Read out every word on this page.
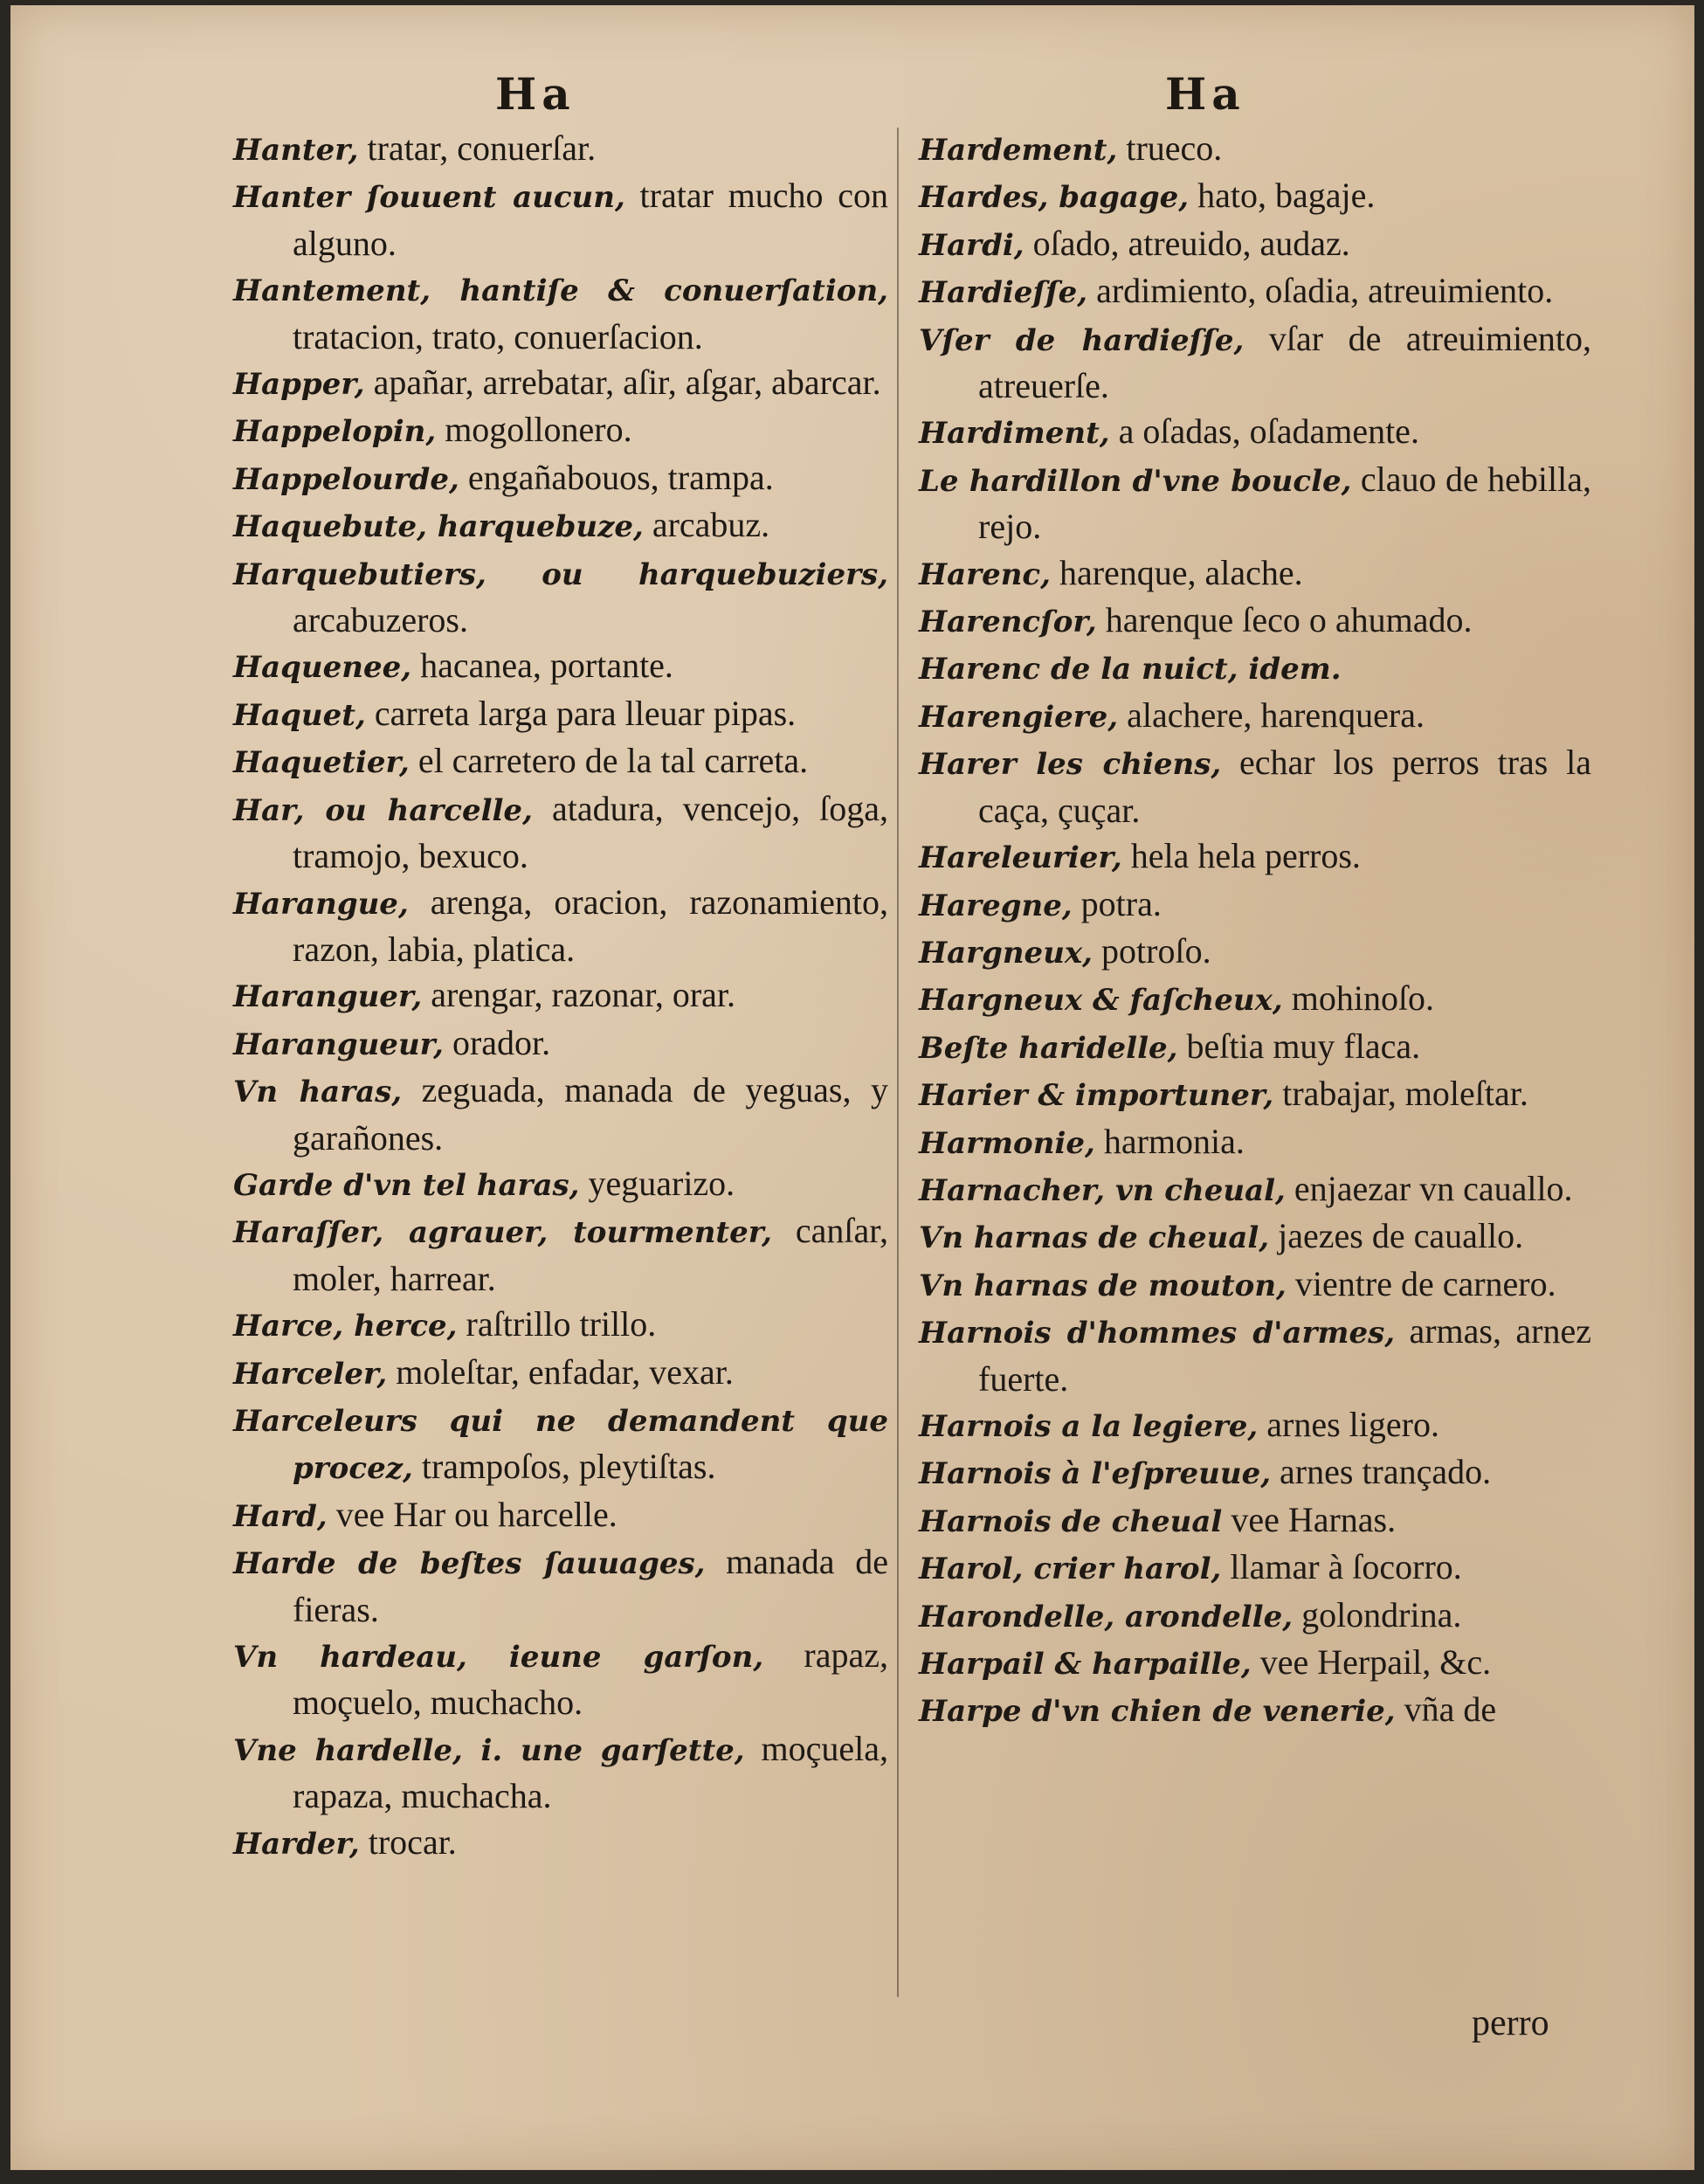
Ha	Ha

Hanter, tratar, conuerſar.

Hanter ſouuent aucun, tratar mucho con alguno.

Hantement, hantiſe & conuerſation, tratacion, trato, conuerſacion.

Happer, apañar, arrebatar, aſir, aſgar, abarcar.

Happelopin, mogollonero.

Happelourde, engañabouos, trampa.

Haquebute, harquebuze, arcabuz.

Harquebutiers, ou harquebuziers, arcabuzeros.

Haquenee, hacanea, portante.

Haquet, carreta larga para lleuar pipas.

Haquetier, el carretero de la tal carreta.

Har, ou harcelle, atadura, vencejo, ſoga, tramojo, bexuco.

Harangue, arenga, oracion, razonamiento, razon, labia, platica.

Haranguer, arengar, razonar, orar.

Harangueur, orador.

Vn haras, zeguada, manada de yeguas, y garañones.

Garde d'vn tel haras, yeguarizo.

Haraſſer, agrauer, tourmenter, canſar, moler, harrear.

Harce, herce, raſtrillo trillo.

Harceler, moleſtar, enfadar, vexar.

Harceleurs qui ne demandent que procez, trampoſos, pleytiſtas.

Hard, vee Har ou harcelle.

Harde de beſtes ſauuages, manada de fieras.

Vn hardeau, ieune garſon, rapaz, moçuelo, muchacho.

Vne hardelle, i. une garſette, moçuela, rapaza, muchacha.

Harder, trocar.

Hardement, trueco.

Hardes, bagage, hato, bagaje.

Hardi, oſado, atreuido, audaz.

Hardieſſe, ardimiento, oſadia, atreuimiento.

Vſer de hardieſſe, vſar de atreuimiento, atreuerſe.

Hardiment, a oſadas, oſadamente.

Le hardillon d'vne boucle, clauo de hebilla, rejo.

Harenc, harenque, alache.

Harencſor, harenque ſeco o ahumado.

Harenc de la nuict, idem.

Harengiere, alachere, harenquera.

Harer les chiens, echar los perros tras la caça, çuçar.

Hareleurier, hela hela perros.

Haregne, potra.

Hargneux, potroſo.

Hargneux & faſcheux, mohinoſo.

Beſte haridelle, beſtia muy flaca.

Harier & importuner, trabajar, moleſtar.

Harmonie, harmonia.

Harnacher, vn cheual, enjaezar vn cauallo.

Vn harnas de cheual, jaezes de cauallo.

Vn harnas de mouton, vientre de carnero.

Harnois d'hommes d'armes, armas, arnez fuerte.

Harnois a la legiere, arnes ligero.

Harnois à l'eſpreuue, arnes trançado.

Harnois de cheual vee Harnas.

Harol, crier harol, llamar à ſocorro.

Harondelle, arondelle, golondrina.

Harpail & harpaille, vee Herpail, &c.

Harpe d'vn chien de venerie, vña de

perro
